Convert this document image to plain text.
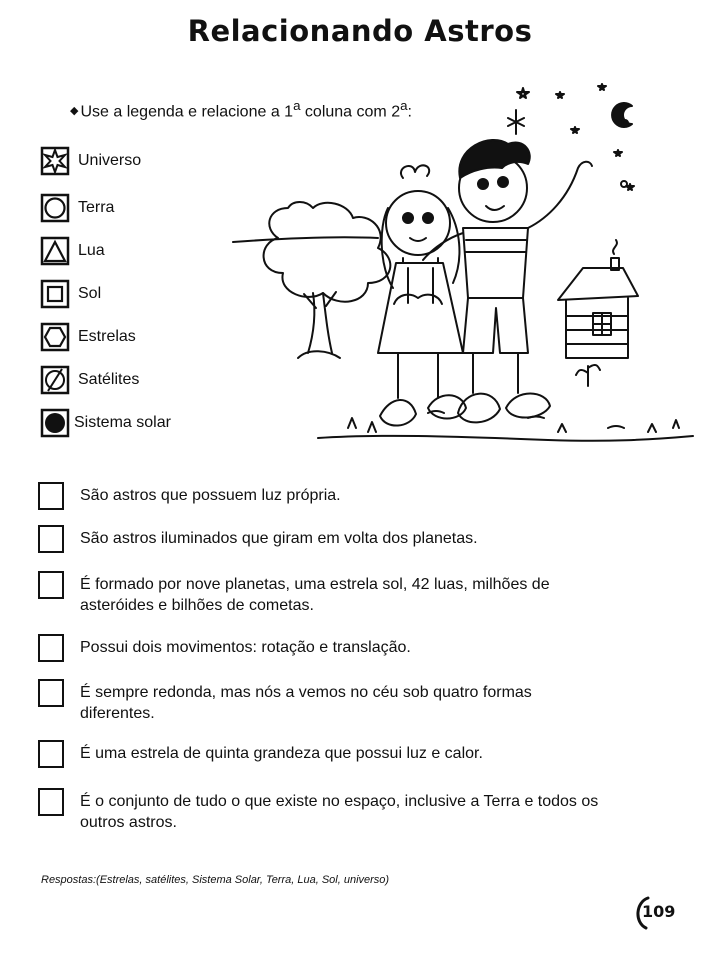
Relacionando Astros
◆ Use a legenda e relacione a 1$^a$ coluna com 2$^a$:
Universo
Terra
Lua
Sol
Estrelas
Satélites
Sistema solar
São astros que possuem luz própria.
São astros iluminados que giram em volta dos planetas.
É formado por nove planetas, uma estrela sol, 42 luas, milhões de
asteróides e bilhões de cometas.
Possui dois movimentos: rotação e translação.
É sempre redonda, mas nós a vemos no céu sob quatro formas
diferentes.
É uma estrela de quinta grandeza que possui luz e calor.
É o conjunto de tudo o que existe no espaço, inclusive a Terra e todos os
outros astros.
Respostas:(Estrelas, satélites, Sistema Solar, Terra, Lua, Sol, universo)
109
